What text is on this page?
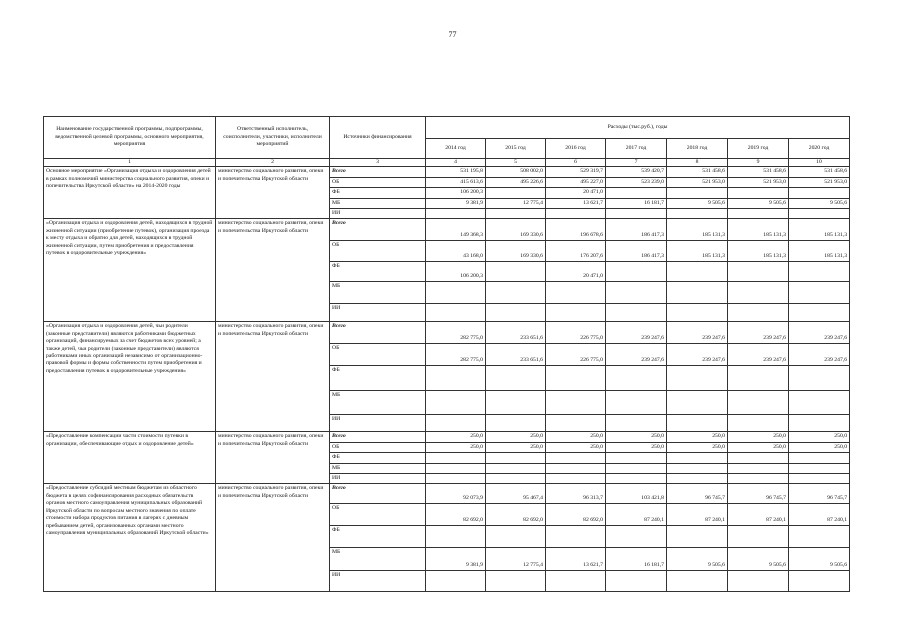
77
Наименование государственной программы, подпрограммы, ведомственной целевой программы, основного мероприятия, мероприятия	Ответственный исполнитель, соисполнители, участники, исполнители мероприятий	Источники финансирования	Расходы (тыс.руб.), годы						
			2014 год	2015 год	2016 год	2017 год	2018 год	2019 год	2020 год
1	2	3	4	5	6	7	8	9	10
Основное мероприятие «Организация отдыха и оздоровления детей в рамках полномочий министерства социального развития, опеки и попечительства Иркутской области» на 2014-2020 годы	министерство социального развития, опеки и попечительства Иркутской области	Всего	531 195,8	508 002,0	529 319,7	539 420,7	531 458,6	531 458,6	531 458,6
		ОБ	415 613,6	495 226,6	495 227,0	523 239,0	521 953,0	521 953,0	521 953,0
		ФБ	106 200,3		20 471,0				
		МБ	9 381,9	12 775,4	13 621,7	16 181,7	9 505,6	9 505,6	9 505,6
		ИИ							
«Организация отдыха и оздоровления детей, находящихся в трудной жизненной ситуации (приобретение путевок), организация проезда к месту отдыха и обратно для детей, находящихся в трудной жизненной ситуации, путем приобретения и предоставления путевок в оздоровительные учреждения»	министерство социального развития, опеки и попечительства Иркутской области	Всего	149 368,3	169 330,6	196 678,6	186 417,3	185 131,3	185 131,3	185 131,3
		ОБ	43 168,0	169 330,6	176 207,6	186 417,3	185 131,3	185 131,3	185 131,3
		ФБ	106 200,3		20 471,0				
		МБ							
		ИИ							
«Организация отдыха и оздоровления детей, чьи родители (законные представители) являются работниками бюджетных организаций, финансируемых за счет бюджетов всех уровней; а также детей, чьи родители (законные представители) являются работниками иных организаций независимо от организационно-правовой формы и формы собственности путем приобретения и предоставления путевок в оздоровительные учреждения»	министерство социального развития, опеки и попечительства Иркутской области	Всего	282 775,0	233 651,6	226 775,0	239 247,6	239 247,6	239 247,6	239 247,6
		ОБ	282 775,0	233 651,6	226 775,0	239 247,6	239 247,6	239 247,6	239 247,6
		ФБ							
		МБ							
		ИИ							
«Предоставление компенсации части стоимости путевки в организации, обеспечивающие отдых и оздоровление детей»	министерство социального развития, опеки и попечительства Иркутской области	Всего	250,0	250,0	250,0	250,0	250,0	250,0	250,0
		ОБ	250,0	250,0	250,0	250,0	250,0	250,0	250,0
		ФБ							
		МБ							
		ИИ							
«Предоставление субсидий местным бюджетам из областного бюджета в целях софинансирования расходных обязательств органов местного самоуправления муниципальных образований Иркутской области по вопросам местного значения по оплате стоимости набора продуктов питания в лагерях с дневным пребыванием детей, организованных органами местного самоуправления муниципальных образований Иркутской области»	министерство социального развития, опеки и попечительства Иркутской области	Всего	92 073,9	95 467,4	96 313,7	103 421,8	96 745,7	96 745,7	96 745,7
		ОБ	82 692,0	82 692,0	82 692,0	87 240,1	87 240,1	87 240,1	87 240,1
		ФБ							
		МБ	9 381,9	12 775,4	13 621,7	16 181,7	9 505,6	9 505,6	9 505,6
		ИИ							
